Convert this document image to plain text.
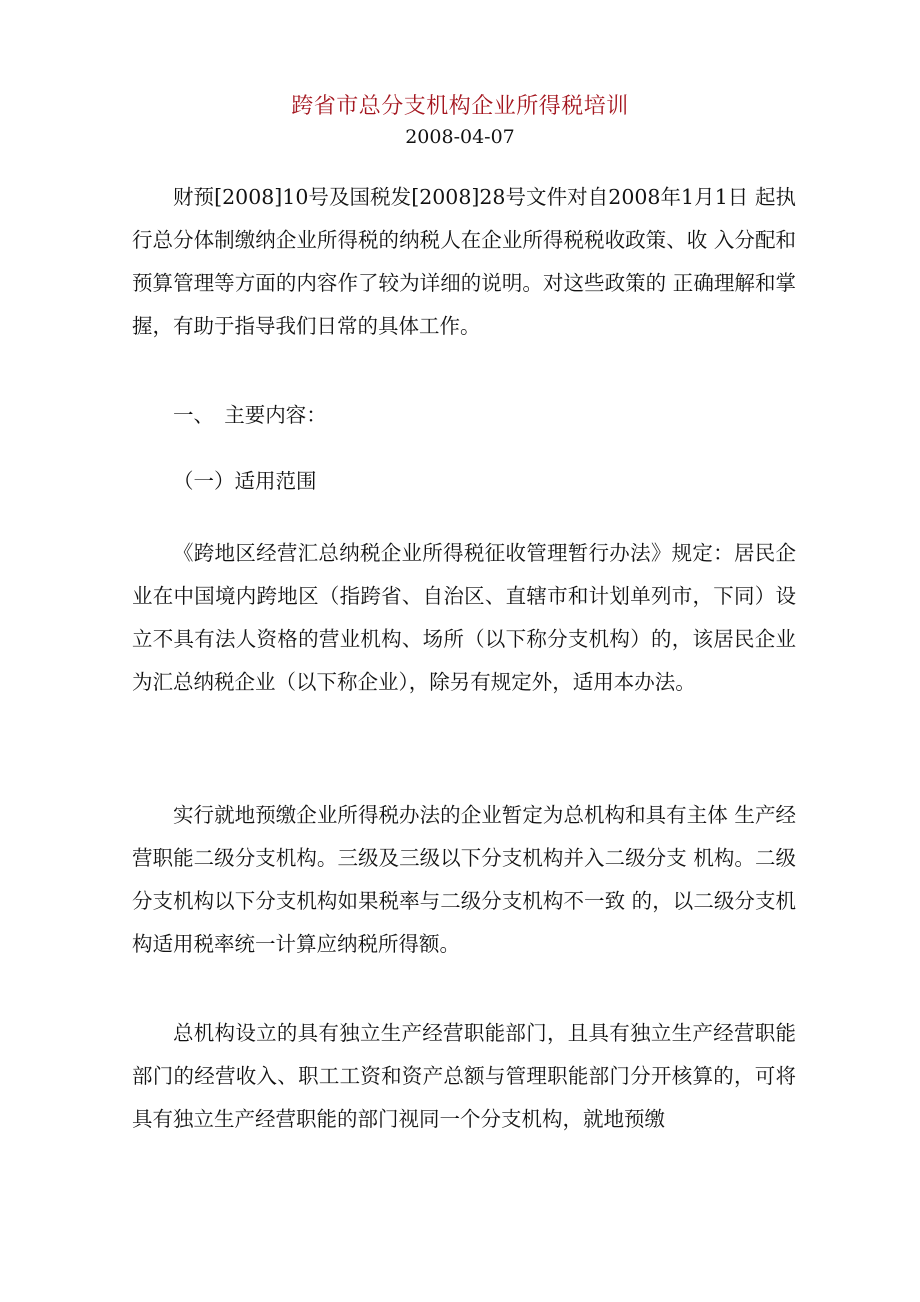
跨省市总分支机构企业所得税培训
2008-04-07

财预[2008]10号及国税发[2008]28号文件对自2008年1月1日 起执行总分体制缴纳企业所得税的纳税人在企业所得税税收政策、收 入分配和预算管理等方面的内容作了较为详细的说明。对这些政策的 正确理解和掌握，有助于指导我们日常的具体工作。

一、　主要内容：
（一）适用范围

《跨地区经营汇总纳税企业所得税征收管理暂行办法》规定：居民企业在中国境内跨地区（指跨省、自治区、直辖市和计划单列市，下同）设立不具有法人资格的营业机构、场所（以下称分支机构）的，该居民企业为汇总纳税企业（以下称企业），除另有规定外，适用本办法。

实行就地预缴企业所得税办法的企业暂定为总机构和具有主体 生产经营职能二级分支机构。三级及三级以下分支机构并入二级分支 机构。二级分支机构以下分支机构如果税率与二级分支机构不一致 的，以二级分支机构适用税率统一计算应纳税所得额。

总机构设立的具有独立生产经营职能部门，且具有独立生产经营职能部门的经营收入、职工工资和资产总额与管理职能部门分开核算的，可将具有独立生产经营职能的部门视同一个分支机构，就地预缴
